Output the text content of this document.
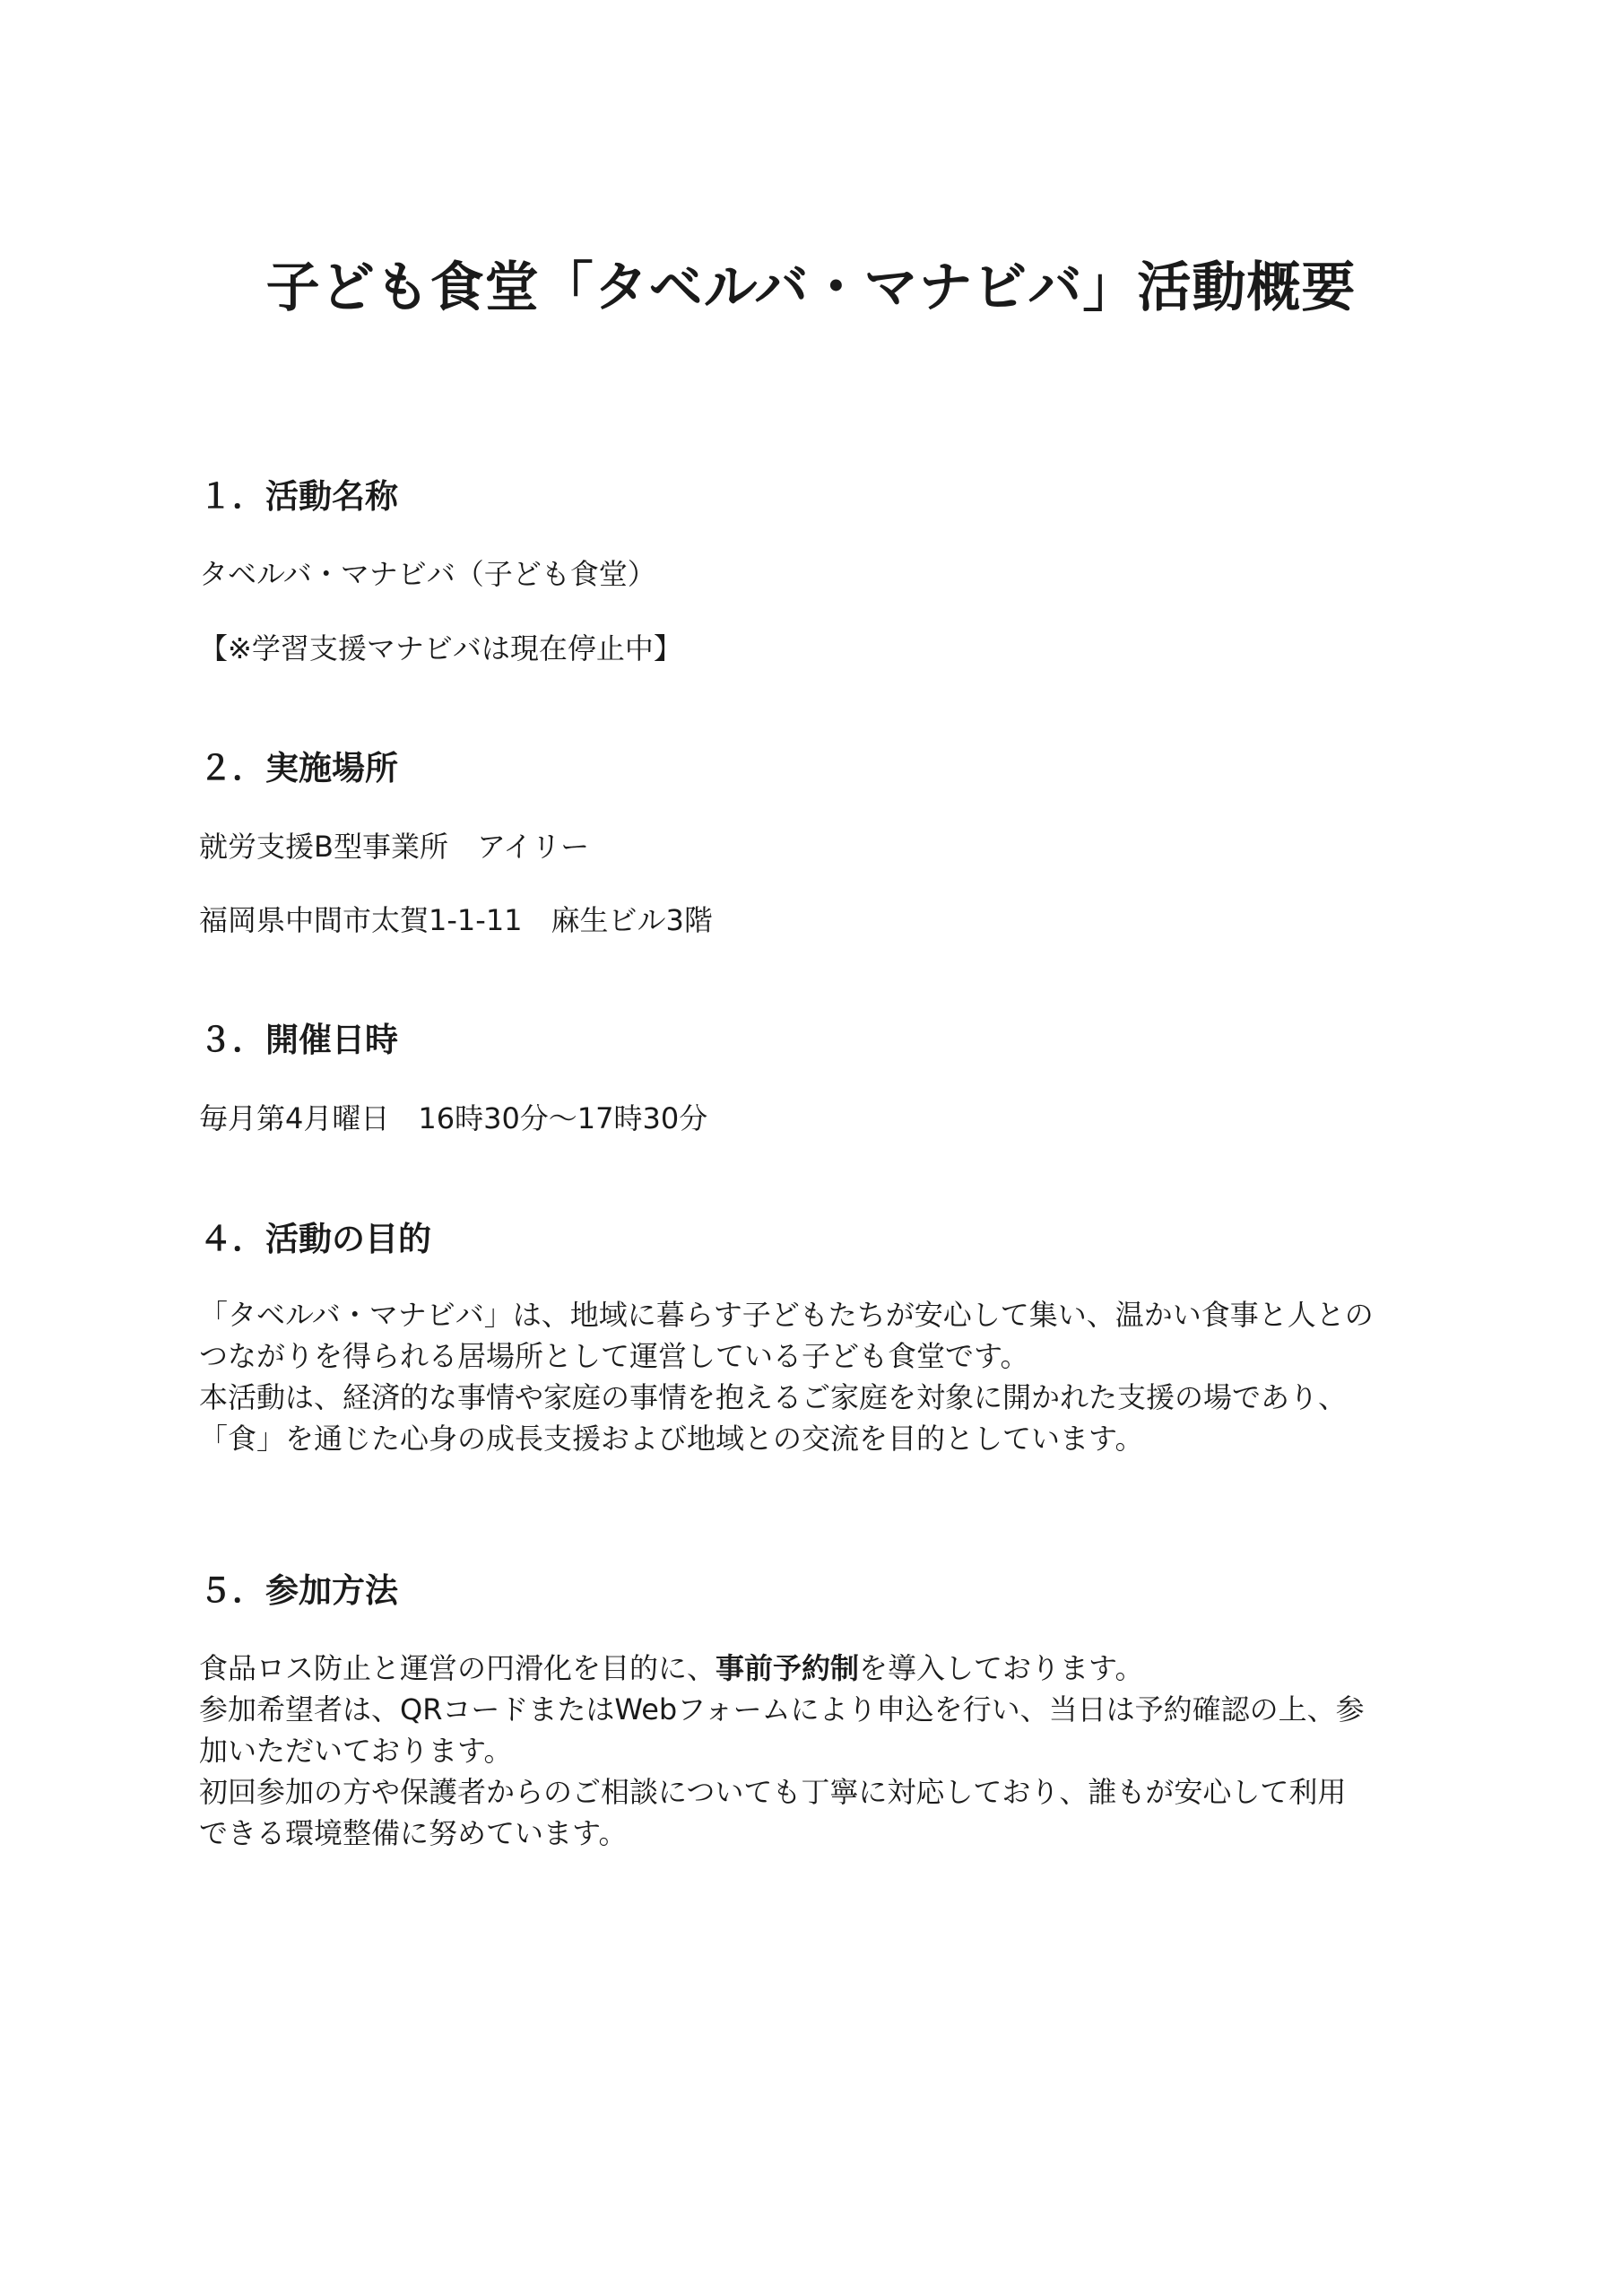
子ども食堂「タベルバ・マナビバ」活動概要
１．活動名称

タベルバ・マナビバ（子ども食堂）

【※学習支援マナビバは現在停止中】

２．実施場所

就労支援B型事業所　アイリー

福岡県中間市太賀1-1-11　麻生ビル3階

３．開催日時

毎月第4月曜日　16時30分〜17時30分

４．活動の目的
「タベルバ・マナビバ」は、地域に暮らす子どもたちが安心して集い、温かい食事と人との
つながりを得られる居場所として運営している子ども食堂です。
本活動は、経済的な事情や家庭の事情を抱えるご家庭を対象に開かれた支援の場であり、
「食」を通じた心身の成長支援および地域との交流を目的としています。
５．参加方法
食品ロス防止と運営の円滑化を目的に、事前予約制を導入しております。
参加希望者は、QRコードまたはWebフォームにより申込を行い、当日は予約確認の上、参
加いただいております。
初回参加の方や保護者からのご相談についても丁寧に対応しており、誰もが安心して利用
できる環境整備に努めています。
